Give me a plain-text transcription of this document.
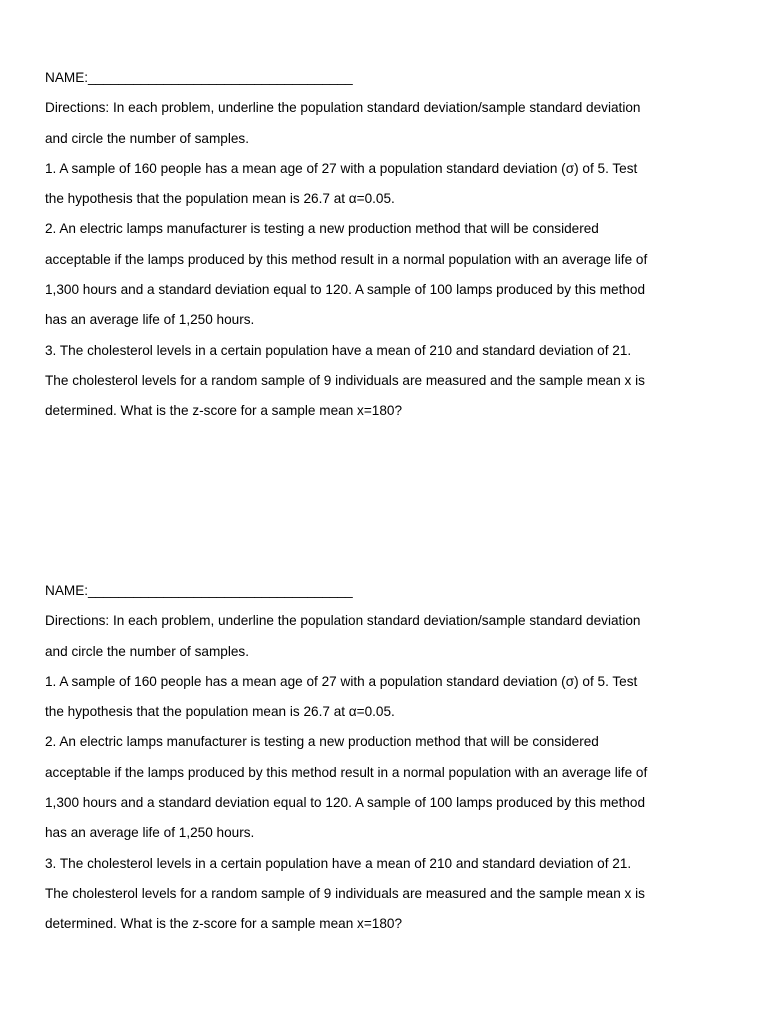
NAME:___________________________________
Directions: In each problem, underline the population standard deviation/sample standard deviation
and circle the number of samples.
1. A sample of 160 people has a mean age of 27 with a population standard deviation (σ) of 5. Test
the hypothesis that the population mean is 26.7 at α=0.05.
2. An electric lamps manufacturer is testing a new production method that will be considered
acceptable if the lamps produced by this method result in a normal population with an average life of
1,300 hours and a standard deviation equal to 120. A sample of 100 lamps produced by this method
has an average life of 1,250 hours.
3. The cholesterol levels in a certain population have a mean of 210 and standard deviation of 21.
The cholesterol levels for a random sample of 9 individuals are measured and the sample mean x is
determined. What is the z-score for a sample mean x=180?
NAME:___________________________________
Directions: In each problem, underline the population standard deviation/sample standard deviation
and circle the number of samples.
1. A sample of 160 people has a mean age of 27 with a population standard deviation (σ) of 5. Test
the hypothesis that the population mean is 26.7 at α=0.05.
2. An electric lamps manufacturer is testing a new production method that will be considered
acceptable if the lamps produced by this method result in a normal population with an average life of
1,300 hours and a standard deviation equal to 120. A sample of 100 lamps produced by this method
has an average life of 1,250 hours.
3. The cholesterol levels in a certain population have a mean of 210 and standard deviation of 21.
The cholesterol levels for a random sample of 9 individuals are measured and the sample mean x is
determined. What is the z-score for a sample mean x=180?
